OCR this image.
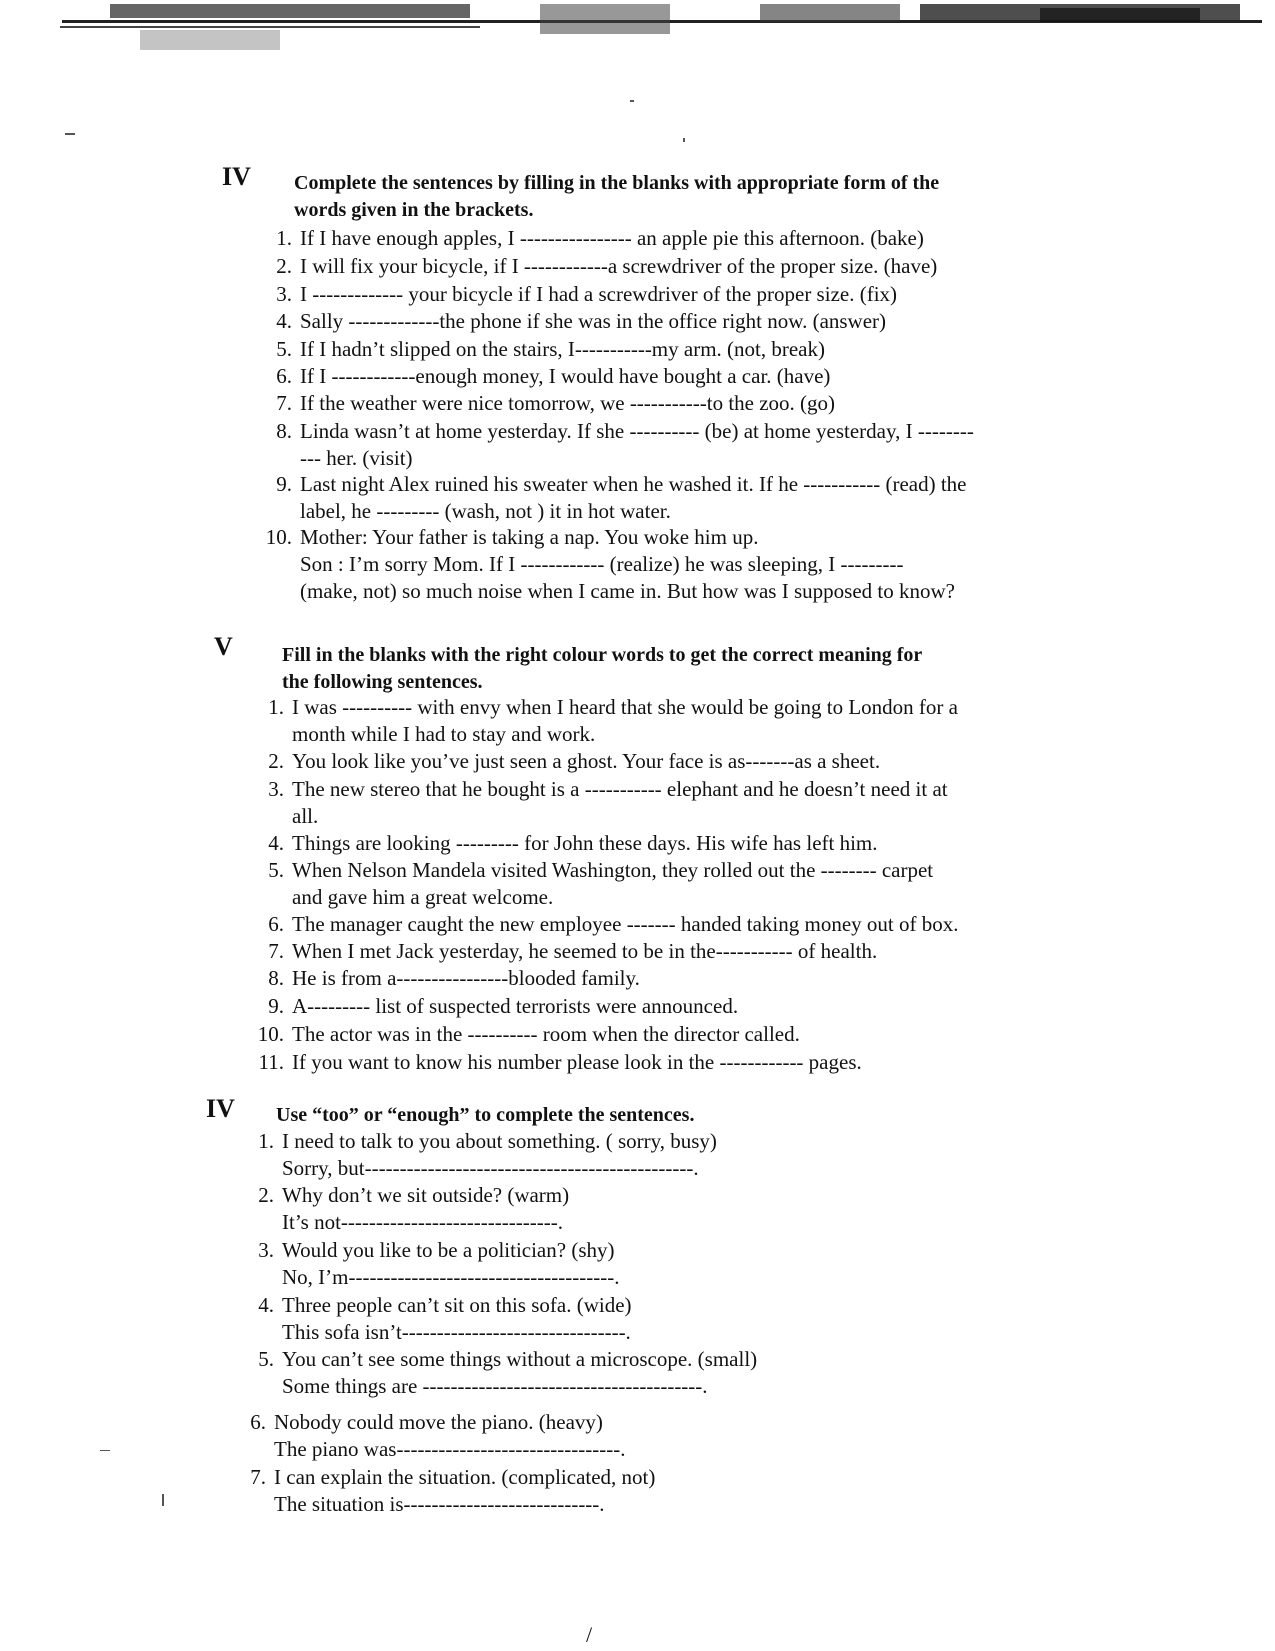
IV Complete the sentences by filling in the blanks with appropriate form of the
words given in the brackets.
1. If I have enough apples, I ---------------- an apple pie this afternoon. (bake)
2. I will fix your bicycle, if I ------------a screwdriver of the proper size. (have)
3. I ------------- your bicycle if I had a screwdriver of the proper size. (fix)
4. Sally -------------the phone if she was in the office right now. (answer)
5. If I hadn’t slipped on the stairs, I-----------my arm. (not, break)
6. If I ------------enough money, I would have bought a car. (have)
7. If the weather were nice tomorrow, we -----------to the zoo. (go)
8. Linda wasn’t at home yesterday. If she ---------- (be) at home yesterday, I --------
--- her. (visit)
9. Last night Alex ruined his sweater when he washed it. If he ----------- (read) the
label, he --------- (wash, not ) it in hot water.
10. Mother: Your father is taking a nap. You woke him up.
Son : I’m sorry Mom. If I ------------ (realize) he was sleeping, I ---------
(make, not) so much noise when I came in. But how was I supposed to know?
V Fill in the blanks with the right colour words to get the correct meaning for
the following sentences.
1. I was ---------- with envy when I heard that she would be going to London for a
month while I had to stay and work.
2. You look like you’ve just seen a ghost. Your face is as-------as a sheet.
3. The new stereo that he bought is a ----------- elephant and he doesn’t need it at
all.
4. Things are looking --------- for John these days. His wife has left him.
5. When Nelson Mandela visited Washington, they rolled out the -------- carpet
and gave him a great welcome.
6. The manager caught the new employee ------- handed taking money out of box.
7. When I met Jack yesterday, he seemed to be in the----------- of health.
8. He is from a----------------blooded family.
9. A--------- list of suspected terrorists were announced.
10. The actor was in the ---------- room when the director called.
11. If you want to know his number please look in the ------------ pages.
IV Use “too” or “enough” to complete the sentences.
1. I need to talk to you about something. ( sorry, busy)
Sorry, but-----------------------------------------------.
2. Why don’t we sit outside? (warm)
It’s not-------------------------------.
3. Would you like to be a politician? (shy)
No, I’m--------------------------------------.
4. Three people can’t sit on this sofa. (wide)
This sofa isn’t--------------------------------.
5. You can’t see some things without a microscope. (small)
Some things are ----------------------------------------.
6. Nobody could move the piano. (heavy)
The piano was--------------------------------.
7. I can explain the situation. (complicated, not)
The situation is----------------------------.
/
